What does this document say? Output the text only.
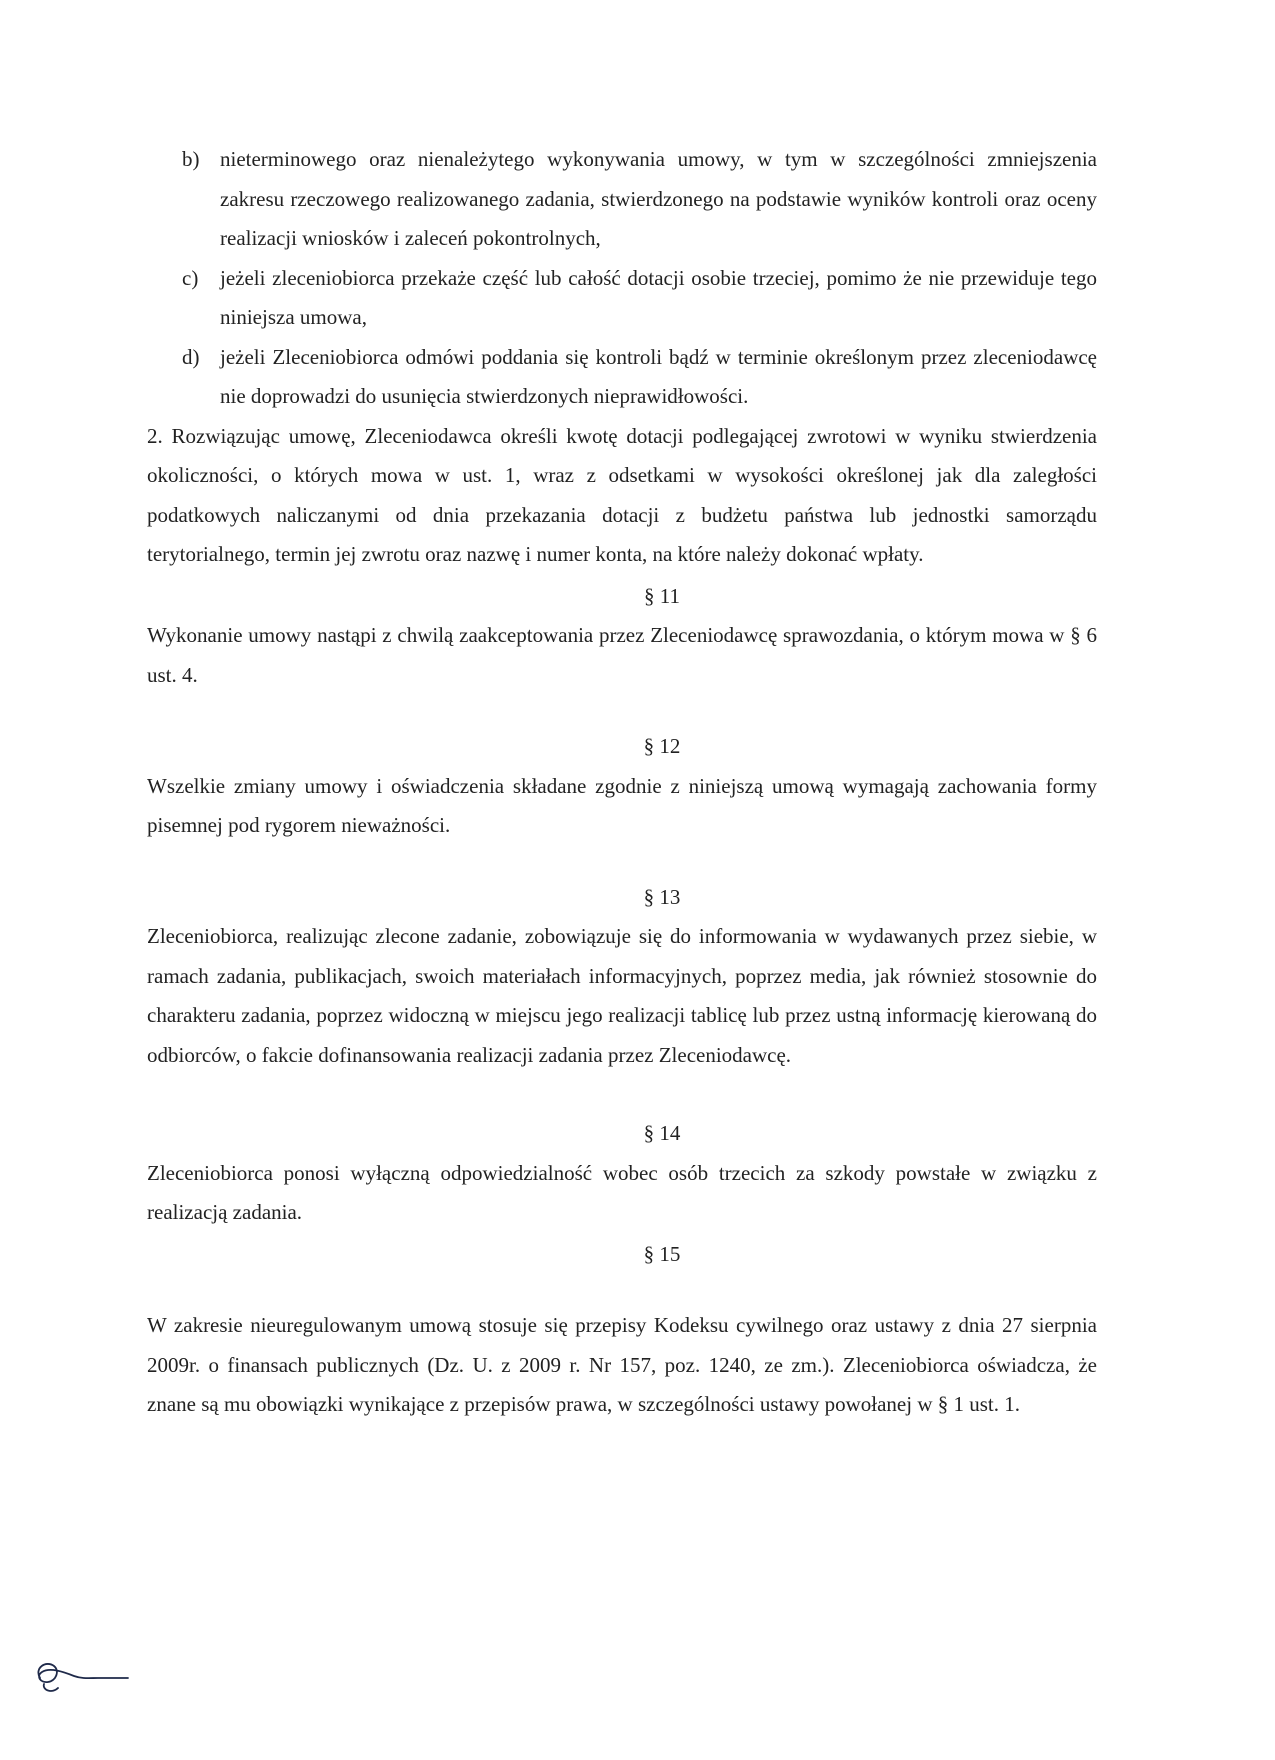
b) nieterminowego oraz nienależytego wykonywania umowy, w tym w szczególności zmniejszenia zakresu rzeczowego realizowanego zadania, stwierdzonego na podstawie wyników kontroli oraz oceny realizacji wniosków i zaleceń pokontrolnych,
c) jeżeli zleceniobiorca przekaże część lub całość dotacji osobie trzeciej, pomimo że nie przewiduje tego niniejsza umowa,
d) jeżeli Zleceniobiorca odmówi poddania się kontroli bądź w terminie określonym przez zleceniodawcę nie doprowadzi do usunięcia stwierdzonych nieprawidłowości.
2. Rozwiązując umowę, Zleceniodawca określi kwotę dotacji podlegającej zwrotowi w wyniku stwierdzenia okoliczności, o których mowa w ust. 1, wraz z odsetkami w wysokości określonej jak dla zaległości podatkowych naliczanymi od dnia przekazania dotacji z budżetu państwa lub jednostki samorządu terytorialnego, termin jej zwrotu oraz nazwę i numer konta, na które należy dokonać wpłaty.
§ 11
Wykonanie umowy nastąpi z chwilą zaakceptowania przez Zleceniodawcę sprawozdania, o którym mowa w § 6 ust. 4.
§ 12
Wszelkie zmiany umowy i oświadczenia składane zgodnie z niniejszą umową wymagają zachowania formy pisemnej pod rygorem nieważności.
§ 13
Zleceniobiorca, realizując zlecone zadanie, zobowiązuje się do informowania w wydawanych przez siebie, w ramach zadania, publikacjach, swoich materiałach informacyjnych, poprzez media, jak również stosownie do charakteru zadania, poprzez widoczną w miejscu jego realizacji tablicę lub przez ustną informację kierowaną do odbiorców, o fakcie dofinansowania realizacji zadania przez Zleceniodawcę.
§ 14
Zleceniobiorca ponosi wyłączną odpowiedzialność wobec osób trzecich za szkody powstałe w związku z realizacją zadania.
§ 15
W zakresie nieuregulowanym umową stosuje się przepisy Kodeksu cywilnego oraz ustawy z dnia 27 sierpnia 2009r. o finansach publicznych (Dz. U. z 2009 r. Nr 157, poz. 1240, ze zm.). Zleceniobiorca oświadcza, że znane są mu obowiązki wynikające z przepisów prawa, w szczególności ustawy powołanej w § 1 ust. 1.
